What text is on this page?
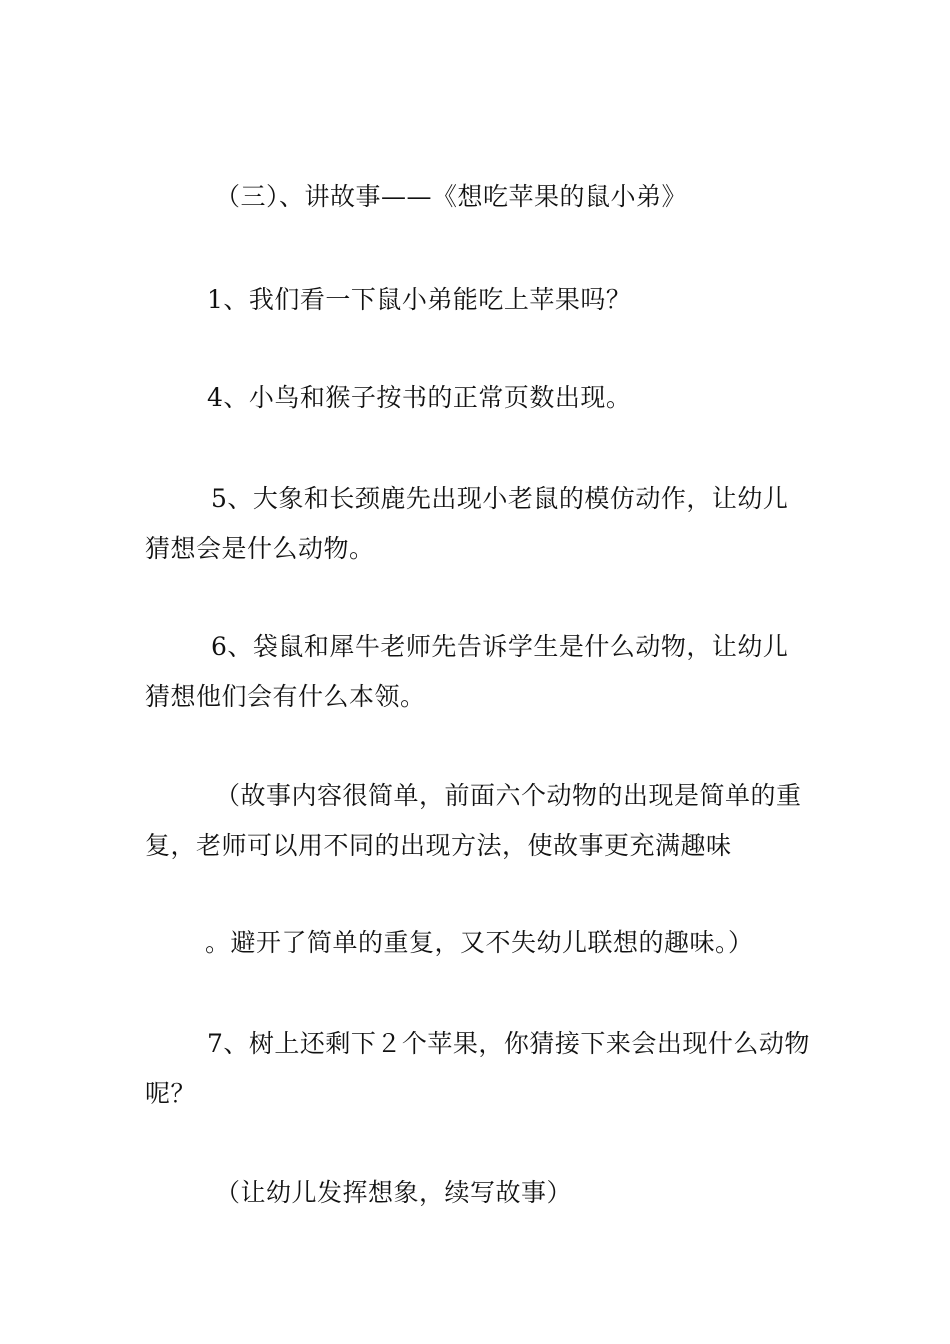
（三）、讲故事——《想吃苹果的鼠小弟》

1、我们看一下鼠小弟能吃上苹果吗？

4、小鸟和猴子按书的正常页数出现。

5、大象和长颈鹿先出现小老鼠的模仿动作，让幼儿
猜想会是什么动物。

6、袋鼠和犀牛老师先告诉学生是什么动物，让幼儿
猜想他们会有什么本领。

（故事内容很简单，前面六个动物的出现是简单的重
复，老师可以用不同的出现方法，使故事更充满趣味

。避开了简单的重复，又不失幼儿联想的趣味。）

7、树上还剩下２个苹果，你猜接下来会出现什么动物
呢？

（让幼儿发挥想象，续写故事）
